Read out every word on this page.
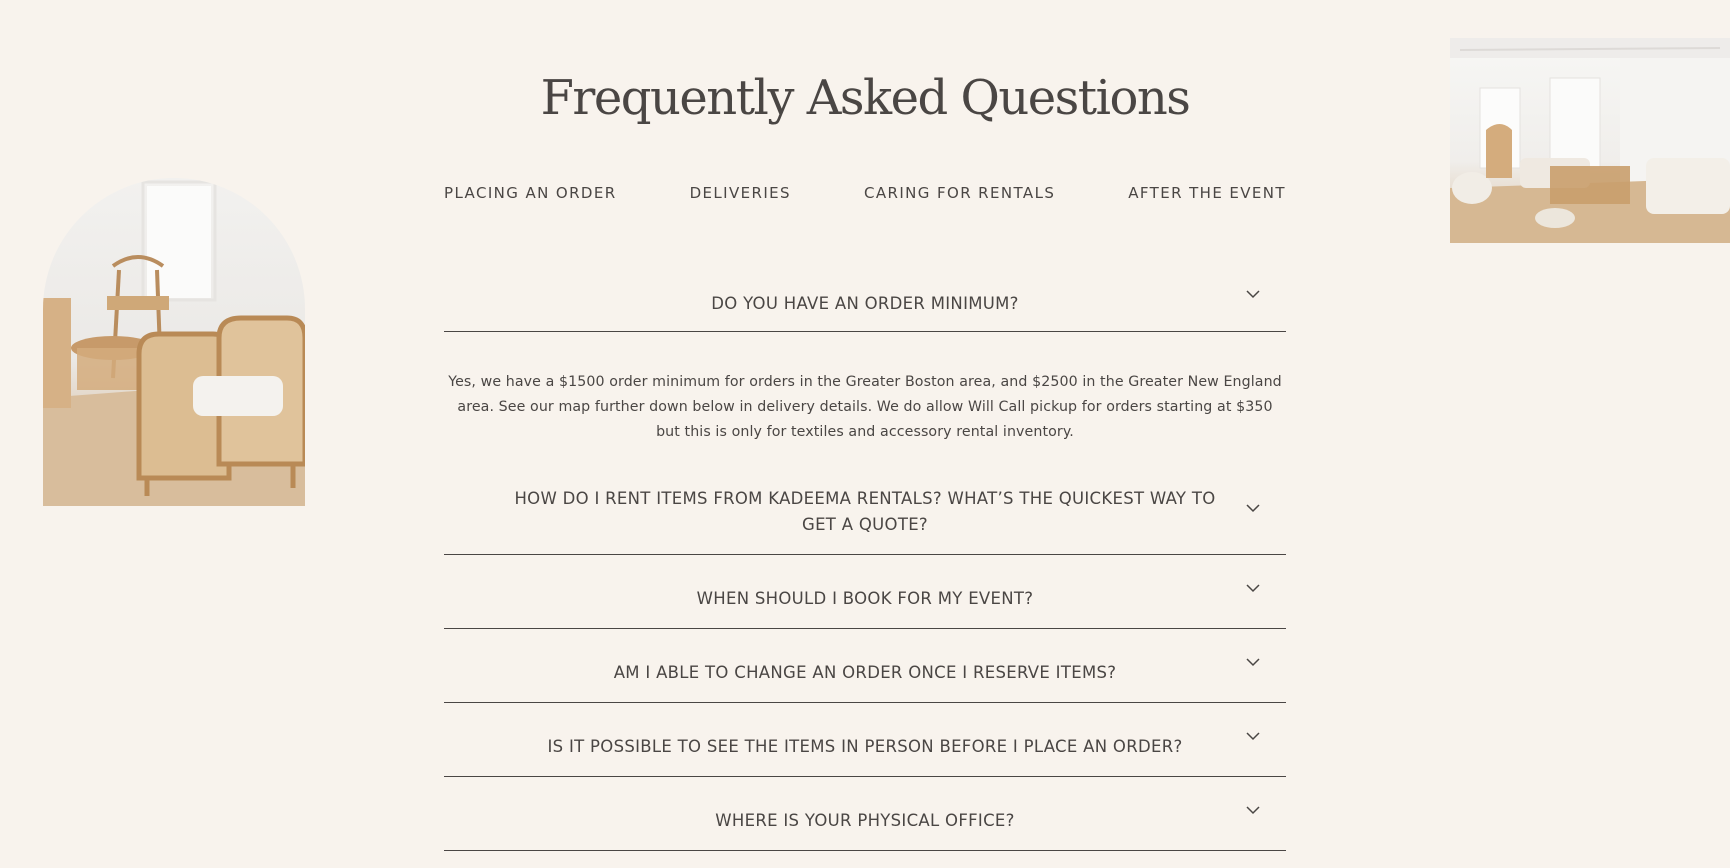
Frequently Asked Questions
PLACING AN ORDER	DELIVERIES	CARING FOR RENTALS	AFTER THE EVENT
DO YOU HAVE AN ORDER MINIMUM?
Yes, we have a $1500 order minimum for orders in the Greater Boston area, and $2500 in the Greater New England area. See our map further down below in delivery details. We do allow Will Call pickup for orders starting at $350 but this is only for textiles and accessory rental inventory.
HOW DO I RENT ITEMS FROM KADEEMA RENTALS? WHAT’S THE QUICKEST WAY TO GET A QUOTE?
WHEN SHOULD I BOOK FOR MY EVENT?
AM I ABLE TO CHANGE AN ORDER ONCE I RESERVE ITEMS?
IS IT POSSIBLE TO SEE THE ITEMS IN PERSON BEFORE I PLACE AN ORDER?
WHERE IS YOUR PHYSICAL OFFICE?
